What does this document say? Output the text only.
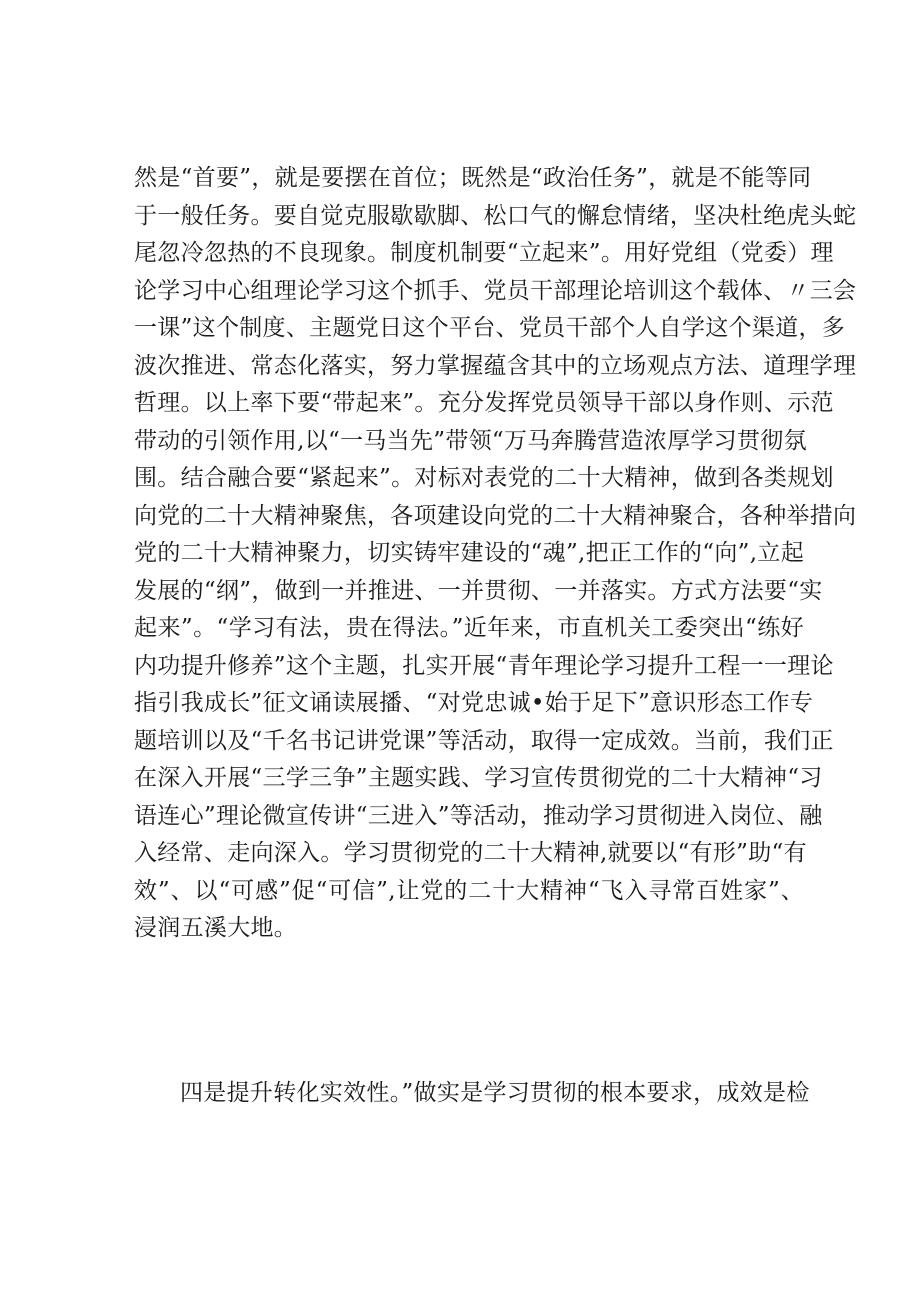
然是“首要”，就是要摆在首位；既然是“政治任务”，就是不能等同
于一般任务。要自觉克服歇歇脚、松口气的懈怠情绪，坚决杜绝虎头蛇
尾忽冷忽热的不良现象。制度机制要“立起来”。用好党组（党委）理
论学习中心组理论学习这个抓手、党员干部理论培训这个载体、〃三会
一课”这个制度、主题党日这个平台、党员干部个人自学这个渠道，多
波次推进、常态化落实，努力掌握蕴含其中的立场观点方法、道理学理
哲理。以上率下要“带起来”。充分发挥党员领导干部以身作则、示范
带动的引领作用,以“一马当先”带领“万马奔腾营造浓厚学习贯彻氛
围。结合融合要“紧起来”。对标对表党的二十大精神，做到各类规划
向党的二十大精神聚焦，各项建设向党的二十大精神聚合，各种举措向
党的二十大精神聚力，切实铸牢建设的“魂”,把正工作的“向”,立起
发展的“纲”，做到一并推进、一并贯彻、一并落实。方式方法要“实
起来”。“学习有法，贵在得法。”近年来，市直机关工委突出“练好
内功提升修养”这个主题，扎实开展“青年理论学习提升工程一一理论
指引我成长”征文诵读展播、“对党忠诚•始于足下”意识形态工作专
题培训以及“千名书记讲党课”等活动，取得一定成效。当前，我们正
在深入开展“三学三争”主题实践、学习宣传贯彻党的二十大精神“习
语连心”理论微宣传讲“三进入”等活动，推动学习贯彻进入岗位、融
入经常、走向深入。学习贯彻党的二十大精神,就要以“有形”助“有
效”、以“可感”促“可信”,让党的二十大精神“飞入寻常百姓家”、
浸润五溪大地。
四是提升转化实效性。”做实是学习贯彻的根本要求，成效是检
